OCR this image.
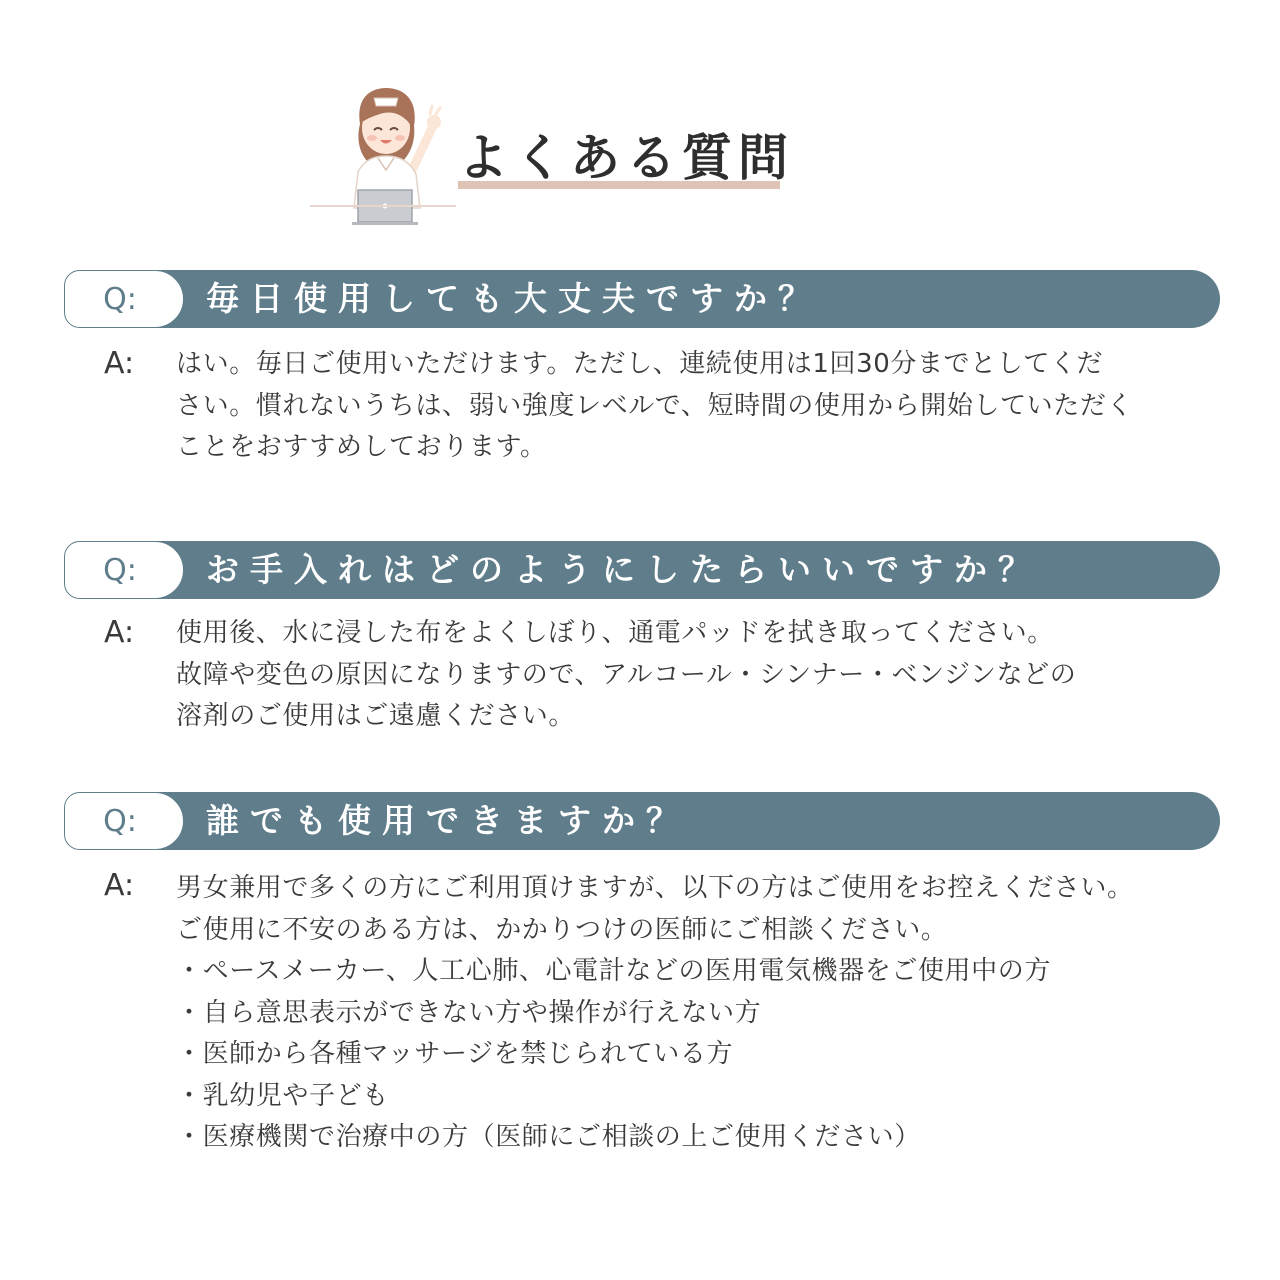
よくある質問
Q: 毎日使用しても大丈夫ですか？
A: はい。毎日ご使用いただけます。ただし、連続使用は1回30分までとしてくだ
さい。慣れないうちは、弱い強度レベルで、短時間の使用から開始していただく
ことをおすすめしております。
Q: お手入れはどのようにしたらいいですか？
A: 使用後、水に浸した布をよくしぼり、通電パッドを拭き取ってください。
故障や変色の原因になりますので、アルコール・シンナー・ベンジンなどの
溶剤のご使用はご遠慮ください。
Q: 誰でも使用できますか？
A: 男女兼用で多くの方にご利用頂けますが、以下の方はご使用をお控えください。
ご使用に不安のある方は、かかりつけの医師にご相談ください。
・ペースメーカー、人工心肺、心電計などの医用電気機器をご使用中の方
・自ら意思表示ができない方や操作が行えない方
・医師から各種マッサージを禁じられている方
・乳幼児や子ども
・医療機関で治療中の方（医師にご相談の上ご使用ください）
